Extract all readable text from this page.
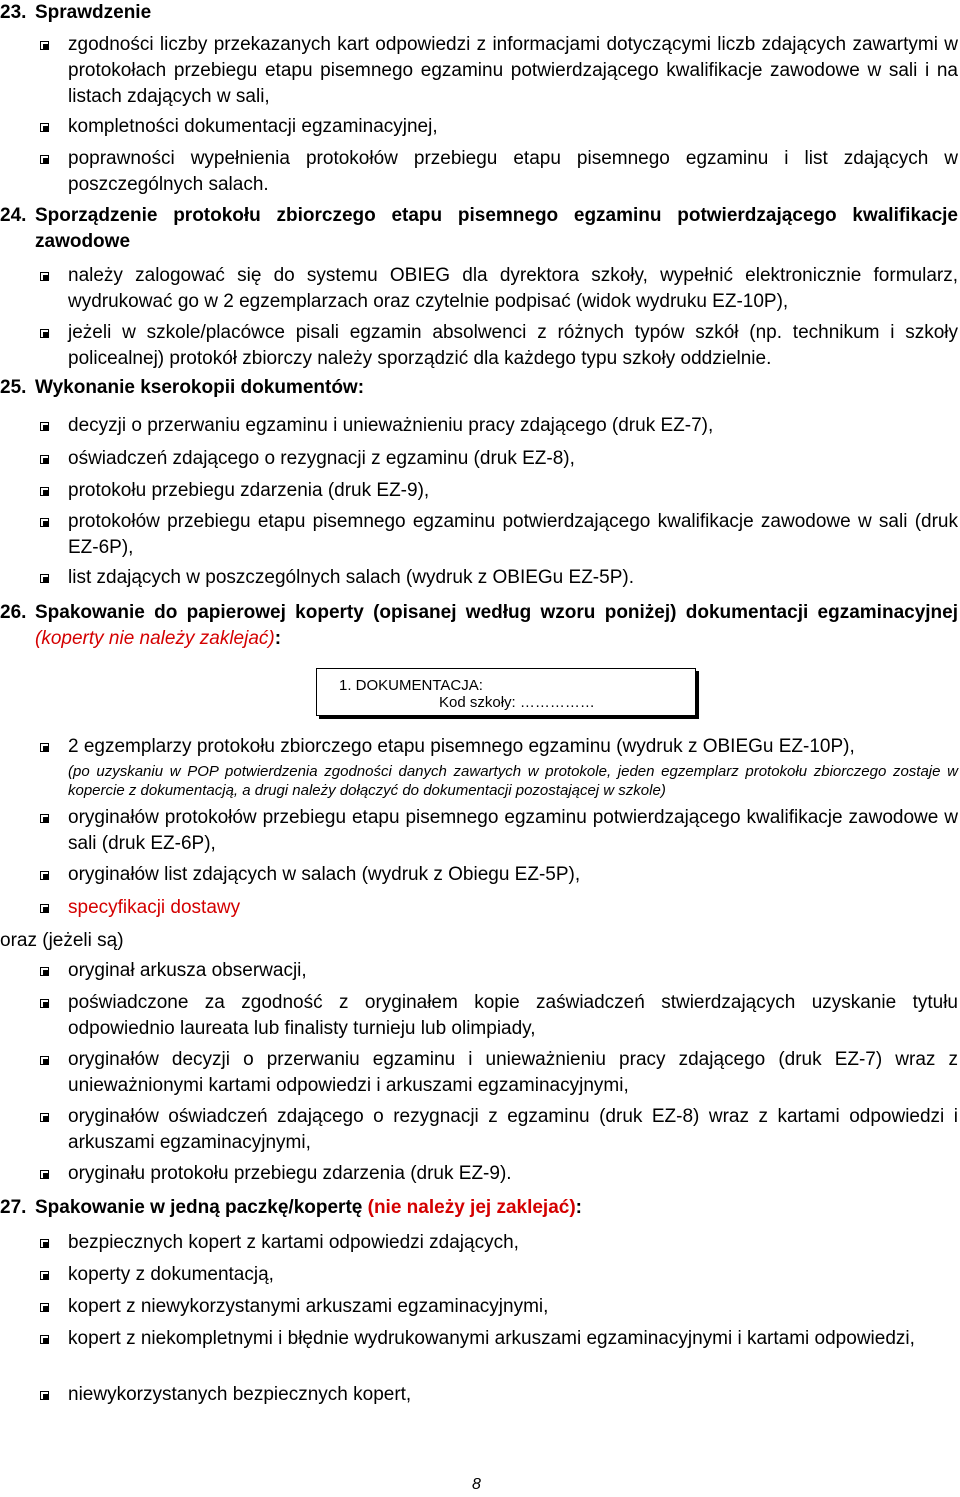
23. Sprawdzenie
zgodności liczby przekazanych kart odpowiedzi z informacjami dotyczącymi liczb zdających zawartymi w protokołach przebiegu etapu pisemnego egzaminu potwierdzającego kwalifikacje zawodowe w sali i na listach zdających w sali,
kompletności dokumentacji egzaminacyjnej,
poprawności wypełnienia protokołów przebiegu etapu pisemnego egzaminu i list zdających w poszczególnych salach.
24. Sporządzenie protokołu zbiorczego etapu pisemnego egzaminu potwierdzającego kwalifikacje zawodowe
należy zalogować się do systemu OBIEG dla dyrektora szkoły, wypełnić elektronicznie formularz, wydrukować go w 2 egzemplarzach oraz czytelnie podpisać (widok wydruku EZ-10P),
jeżeli w szkole/placówce pisali egzamin absolwenci z różnych typów szkół (np. technikum i szkoły policealnej) protokół zbiorczy należy sporządzić dla każdego typu szkoły oddzielnie.
25. Wykonanie kserokopii dokumentów:
decyzji o przerwaniu egzaminu i unieważnieniu pracy zdającego (druk EZ-7),
oświadczeń zdającego o rezygnacji z egzaminu (druk EZ-8),
protokołu przebiegu zdarzenia (druk EZ-9),
protokołów przebiegu etapu pisemnego egzaminu potwierdzającego kwalifikacje zawodowe w sali (druk EZ-6P),
list zdających w poszczególnych salach (wydruk z OBIEGu EZ-5P).
26. Spakowanie do papierowej koperty (opisanej według wzoru poniżej) dokumentacji egzaminacyjnej (koperty nie należy zaklejać):
1. DOKUMENTACJA:
Kod szkoły: ……………
2 egzemplarzy protokołu zbiorczego etapu pisemnego egzaminu (wydruk z OBIEGu EZ-10P),
(po uzyskaniu w POP potwierdzenia zgodności danych zawartych w protokole, jeden egzemplarz protokołu zbiorczego zostaje w kopercie z dokumentacją, a drugi należy dołączyć do dokumentacji pozostającej w szkole)
oryginałów protokołów przebiegu etapu pisemnego egzaminu potwierdzającego kwalifikacje zawodowe w sali (druk EZ-6P),
oryginałów list zdających w salach (wydruk z Obiegu EZ-5P),
specyfikacji dostawy
oraz (jeżeli są)
oryginał arkusza obserwacji,
poświadczone za zgodność z oryginałem kopie zaświadczeń stwierdzających uzyskanie tytułu odpowiednio laureata lub finalisty turnieju lub olimpiady,
oryginałów decyzji o przerwaniu egzaminu i unieważnieniu pracy zdającego (druk EZ-7) wraz z unieważnionymi kartami odpowiedzi i arkuszami egzaminacyjnymi,
oryginałów oświadczeń zdającego o rezygnacji z egzaminu (druk EZ-8) wraz z kartami odpowiedzi i arkuszami egzaminacyjnymi,
oryginału protokołu przebiegu zdarzenia (druk EZ-9).
27. Spakowanie w jedną paczkę/kopertę (nie należy jej zaklejać):
bezpiecznych kopert z kartami odpowiedzi zdających,
koperty z dokumentacją,
kopert z niewykorzystanymi arkuszami egzaminacyjnymi,
kopert z niekompletnymi i błędnie wydrukowanymi arkuszami egzaminacyjnymi i kartami odpowiedzi,
niewykorzystanych bezpiecznych kopert,
8
